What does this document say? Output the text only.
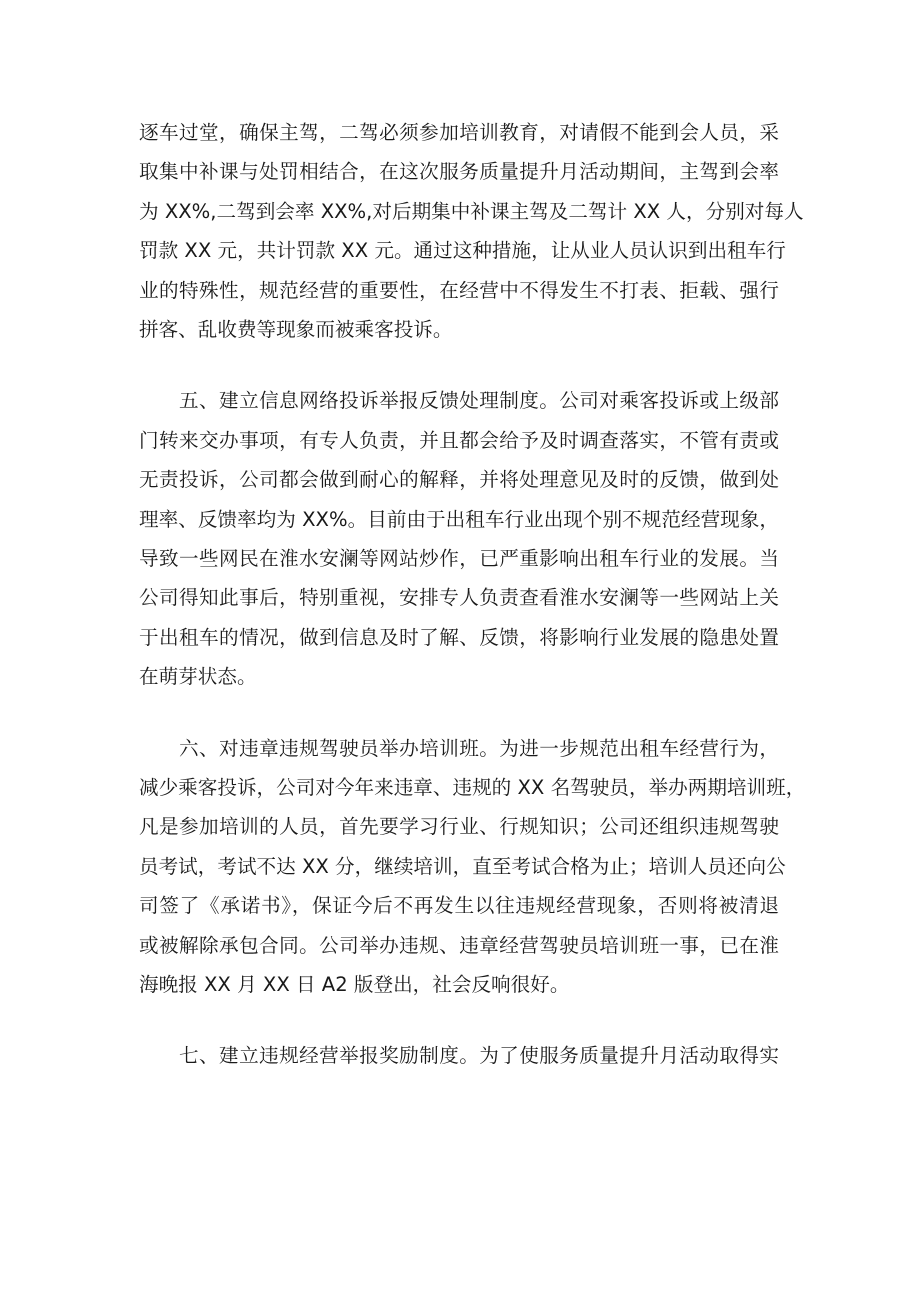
逐车过堂，确保主驾，二驾必须参加培训教育，对请假不能到会人员，采
取集中补课与处罚相结合，在这次服务质量提升月活动期间，主驾到会率
为 XX%,二驾到会率 XX%,对后期集中补课主驾及二驾计 XX 人，分别对每人
罚款 XX 元，共计罚款 XX 元。通过这种措施，让从业人员认识到出租车行
业的特殊性，规范经营的重要性，在经营中不得发生不打表、拒载、强行
拼客、乱收费等现象而被乘客投诉。
　　五、建立信息网络投诉举报反馈处理制度。公司对乘客投诉或上级部
门转来交办事项，有专人负责，并且都会给予及时调查落实，不管有责或
无责投诉，公司都会做到耐心的解释，并将处理意见及时的反馈，做到处
理率、反馈率均为 XX%。目前由于出租车行业出现个别不规范经营现象，
导致一些网民在淮水安澜等网站炒作，已严重影响出租车行业的发展。当
公司得知此事后，特别重视，安排专人负责查看淮水安澜等一些网站上关
于出租车的情况，做到信息及时了解、反馈，将影响行业发展的隐患处置
在萌芽状态。
　　六、对违章违规驾驶员举办培训班。为进一步规范出租车经营行为，
减少乘客投诉，公司对今年来违章、违规的 XX 名驾驶员，举办两期培训班，
凡是参加培训的人员，首先要学习行业、行规知识；公司还组织违规驾驶
员考试，考试不达 XX 分，继续培训，直至考试合格为止；培训人员还向公
司签了《承诺书》，保证今后不再发生以往违规经营现象，否则将被清退
或被解除承包合同。公司举办违规、违章经营驾驶员培训班一事，已在淮
海晚报 XX 月 XX 日 A2 版登出，社会反响很好。
　　七、建立违规经营举报奖励制度。为了使服务质量提升月活动取得实
